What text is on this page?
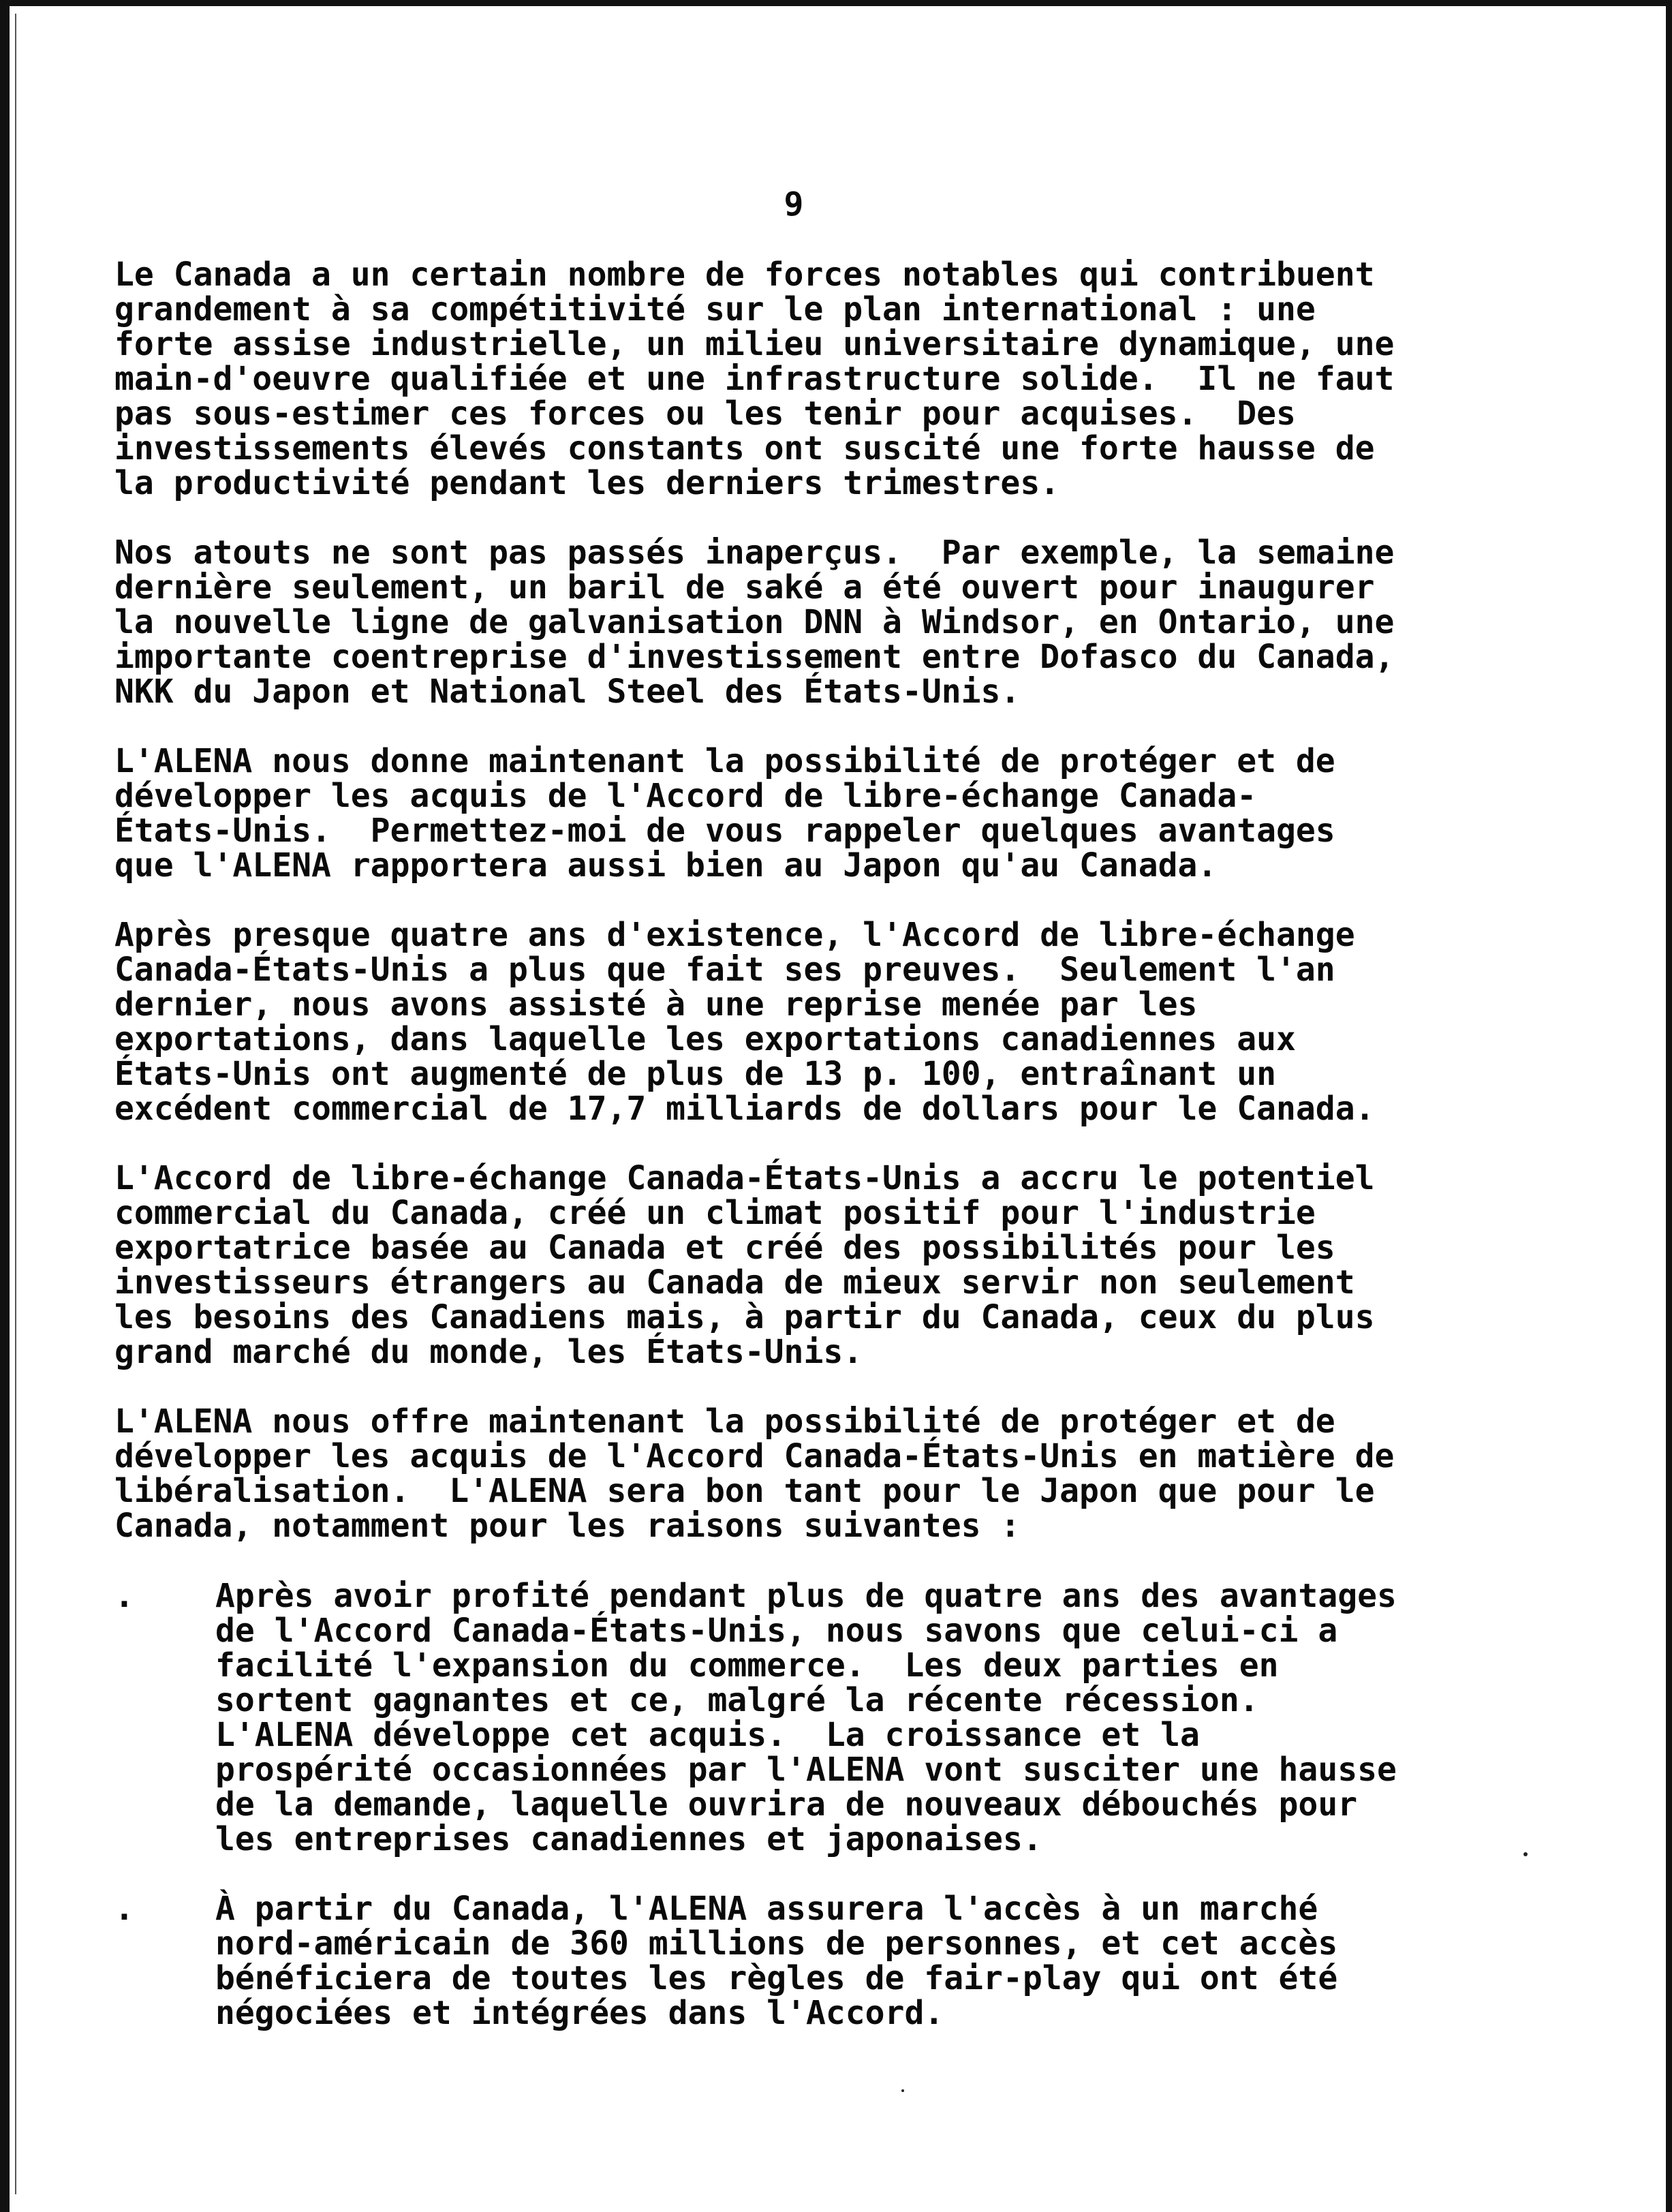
9

Le Canada a un certain nombre de forces notables qui contribuent
grandement à sa compétitivité sur le plan international : une
forte assise industrielle, un milieu universitaire dynamique, une
main-d'oeuvre qualifiée et une infrastructure solide.  Il ne faut
pas sous-estimer ces forces ou les tenir pour acquises.  Des
investissements élevés constants ont suscité une forte hausse de
la productivité pendant les derniers trimestres.

Nos atouts ne sont pas passés inaperçus.  Par exemple, la semaine
dernière seulement, un baril de saké a été ouvert pour inaugurer
la nouvelle ligne de galvanisation DNN à Windsor, en Ontario, une
importante coentreprise d'investissement entre Dofasco du Canada,
NKK du Japon et National Steel des États-Unis.

L'ALENA nous donne maintenant la possibilité de protéger et de
développer les acquis de l'Accord de libre-échange Canada-
États-Unis.  Permettez-moi de vous rappeler quelques avantages
que l'ALENA rapportera aussi bien au Japon qu'au Canada.

Après presque quatre ans d'existence, l'Accord de libre-échange
Canada-États-Unis a plus que fait ses preuves.  Seulement l'an
dernier, nous avons assisté à une reprise menée par les
exportations, dans laquelle les exportations canadiennes aux
États-Unis ont augmenté de plus de 13 p. 100, entraînant un
excédent commercial de 17,7 milliards de dollars pour le Canada.

L'Accord de libre-échange Canada-États-Unis a accru le potentiel
commercial du Canada, créé un climat positif pour l'industrie
exportatrice basée au Canada et créé des possibilités pour les
investisseurs étrangers au Canada de mieux servir non seulement
les besoins des Canadiens mais, à partir du Canada, ceux du plus
grand marché du monde, les États-Unis.

L'ALENA nous offre maintenant la possibilité de protéger et de
développer les acquis de l'Accord Canada-États-Unis en matière de
libéralisation.  L'ALENA sera bon tant pour le Japon que pour le
Canada, notamment pour les raisons suivantes :

. Après avoir profité pendant plus de quatre ans des avantages
de l'Accord Canada-États-Unis, nous savons que celui-ci a
facilité l'expansion du commerce.  Les deux parties en
sortent gagnantes et ce, malgré la récente récession.
L'ALENA développe cet acquis.  La croissance et la
prospérité occasionnées par l'ALENA vont susciter une hausse
de la demande, laquelle ouvrira de nouveaux débouchés pour
les entreprises canadiennes et japonaises.

. À partir du Canada, l'ALENA assurera l'accès à un marché
nord-américain de 360 millions de personnes, et cet accès
bénéficiera de toutes les règles de fair-play qui ont été
négociées et intégrées dans l'Accord.
